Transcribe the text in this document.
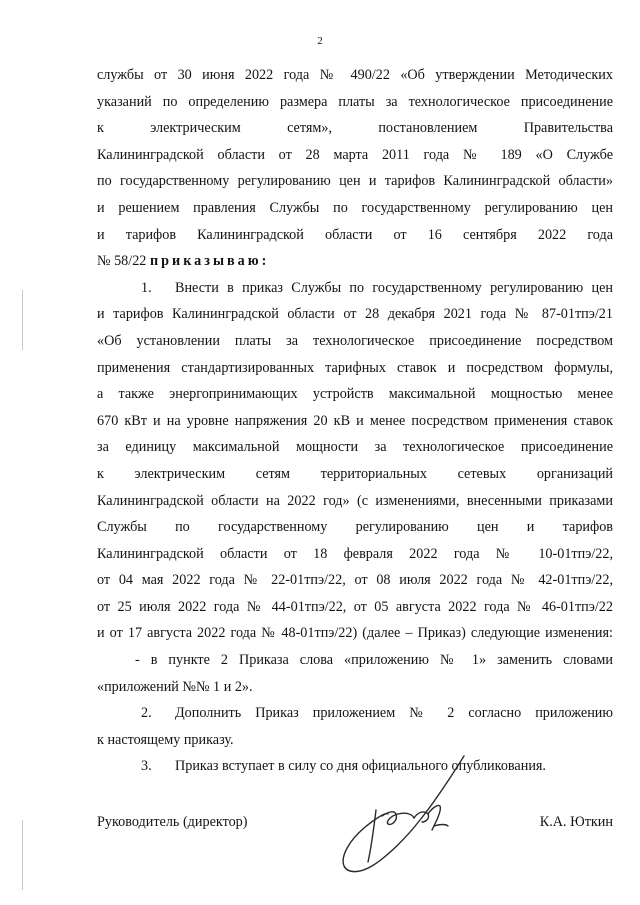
2
службы от 30 июня 2022 года № 490/22 «Об утверждении Методических
указаний по определению размера платы за технологическое присоединение
к электрическим сетям», постановлением Правительства
Калининградской области от 28 марта 2011 года № 189 «О Службе
по государственному регулированию цен и тарифов Калининградской области»
и решением правления Службы по государственному регулированию цен
и тарифов Калининградской области от 16 сентября 2022 года
№ 58/22 приказываю:
1. Внести в приказ Службы по государственному регулированию цен
и тарифов Калининградской области от 28 декабря 2021 года № 87-01тпэ/21
«Об установлении платы за технологическое присоединение посредством
применения стандартизированных тарифных ставок и посредством формулы,
а также энергопринимающих устройств максимальной мощностью менее
670 кВт и на уровне напряжения 20 кВ и менее посредством применения ставок
за единицу максимальной мощности за технологическое присоединение
к электрическим сетям территориальных сетевых организаций
Калининградской области на 2022 год» (с изменениями, внесенными приказами
Службы по государственному регулированию цен и тарифов
Калининградской области от 18 февраля 2022 года № 10-01тпэ/22,
от 04 мая 2022 года № 22-01тпэ/22, от 08 июля 2022 года № 42-01тпэ/22,
от 25 июля 2022 года № 44-01тпэ/22, от 05 августа 2022 года № 46-01тпэ/22
и от 17 августа 2022 года № 48-01тпэ/22) (далее – Приказ) следующие изменения:
- в пункте 2 Приказа слова «приложению № 1» заменить словами
«приложений №№ 1 и 2».
2. Дополнить Приказ приложением № 2 согласно приложению
к настоящему приказу.
3. Приказ вступает в силу со дня официального опубликования.
Руководитель (директор)	К.А. Юткин
